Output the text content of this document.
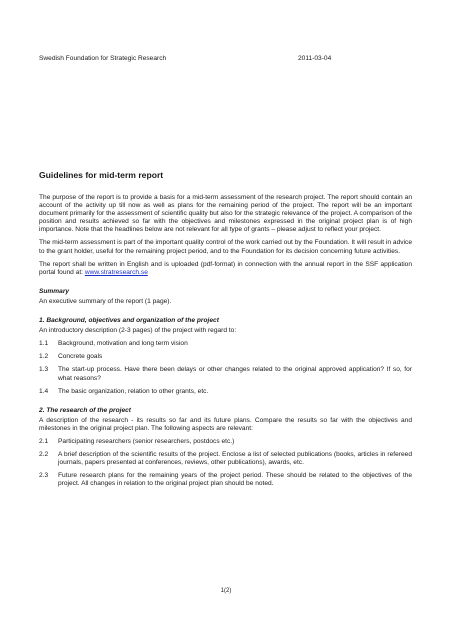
Swedish Foundation for Strategic Research	2011-03-04
Guidelines for mid-term report

The purpose of the report is to provide a basis for a mid-term assessment of the research project. The report should contain an account of the activity up till now as well as plans for the remaining period of the project. The report will be an important document primarily for the assessment of scientific quality but also for the strategic relevance of the project. A comparison of the position and results achieved so far with the objectives and milestones expressed in the original project plan is of high importance. Note that the headlines below are not relevant for all type of grants – please adjust to reflect your project.

The mid-term assessment is part of the important quality control of the work carried out by the Foundation. It will result in advice to the grant holder, useful for the remaining project period, and to the Foundation for its decision concerning future activities.

The report shall be written in English and is uploaded (pdf-format) in connection with the annual report in the SSF application portal found at: www.stratresearch.se

Summary

An executive summary of the report (1 page).

1. Background, objectives and organization of the project

An introductory description (2-3 pages) of the project with regard to:

1.1	Background, motivation and long term vision
1.2	Concrete goals
1.3	The start-up process. Have there been delays or other changes related to the original approved application? If so, for what reasons?
1.4	The basic organization, relation to other grants, etc.
2. The research of the project

A description of the research - its results so far and its future plans. Compare the results so far with the objectives and milestones in the original project plan. The following aspects are relevant:

2.1	Participating researchers (senior researchers, postdocs etc.)
2.2	A brief description of the scientific results of the project. Enclose a list of selected publications (books, articles in refereed journals, papers presented at conferences, reviews, other publications), awards, etc.
2.3	Future research plans for the remaining years of the project period. These should be related to the objectives of the project. All changes in relation to the original project plan should be noted.
1(2)
